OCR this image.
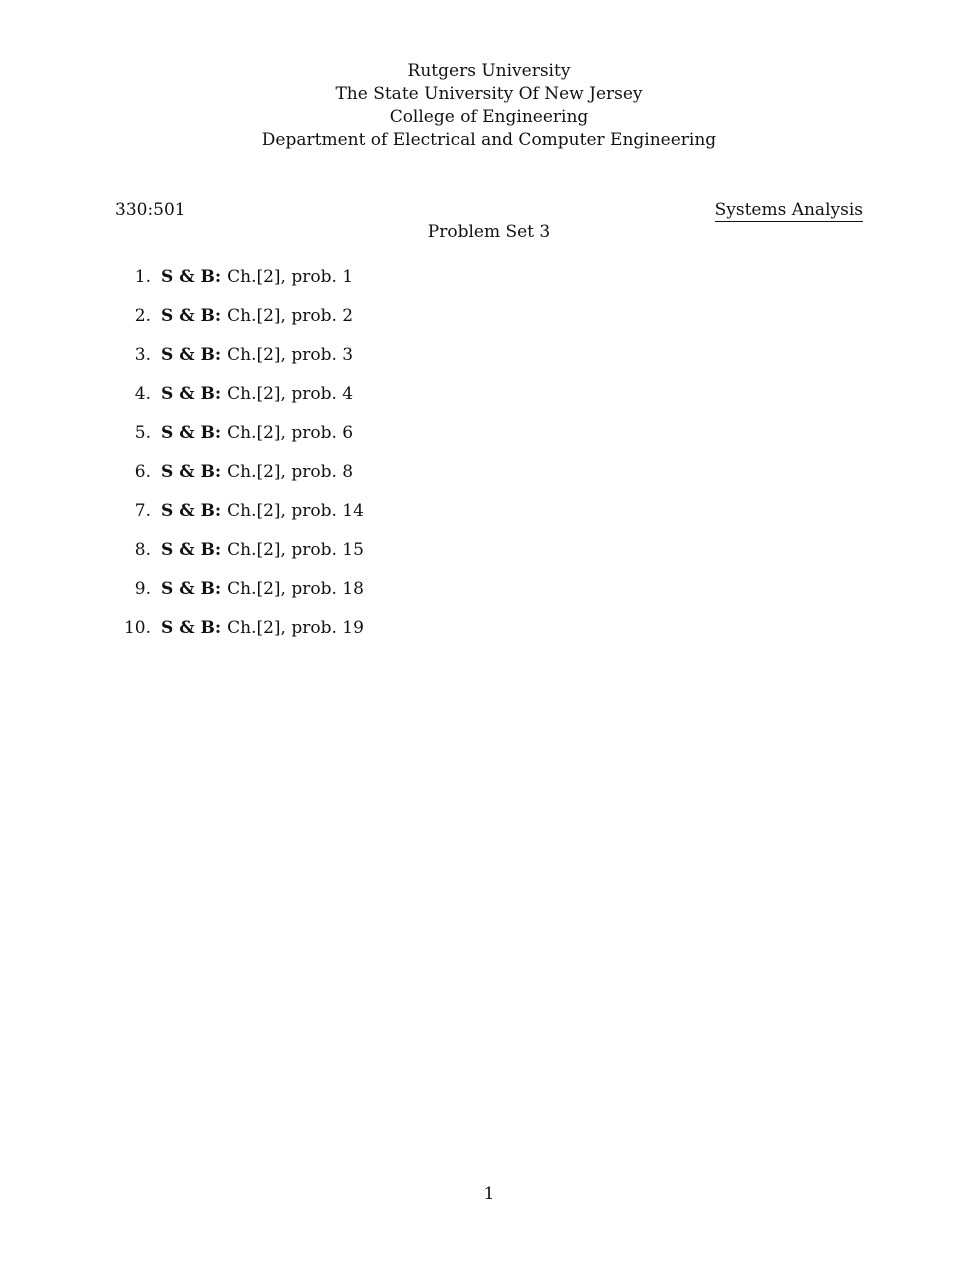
Rutgers University
The State University Of New Jersey
College of Engineering
Department of Electrical and Computer Engineering
330:501	Systems Analysis
Problem Set 3
1. S & B: Ch.[2], prob. 1
2. S & B: Ch.[2], prob. 2
3. S & B: Ch.[2], prob. 3
4. S & B: Ch.[2], prob. 4
5. S & B: Ch.[2], prob. 6
6. S & B: Ch.[2], prob. 8
7. S & B: Ch.[2], prob. 14
8. S & B: Ch.[2], prob. 15
9. S & B: Ch.[2], prob. 18
10. S & B: Ch.[2], prob. 19
1
